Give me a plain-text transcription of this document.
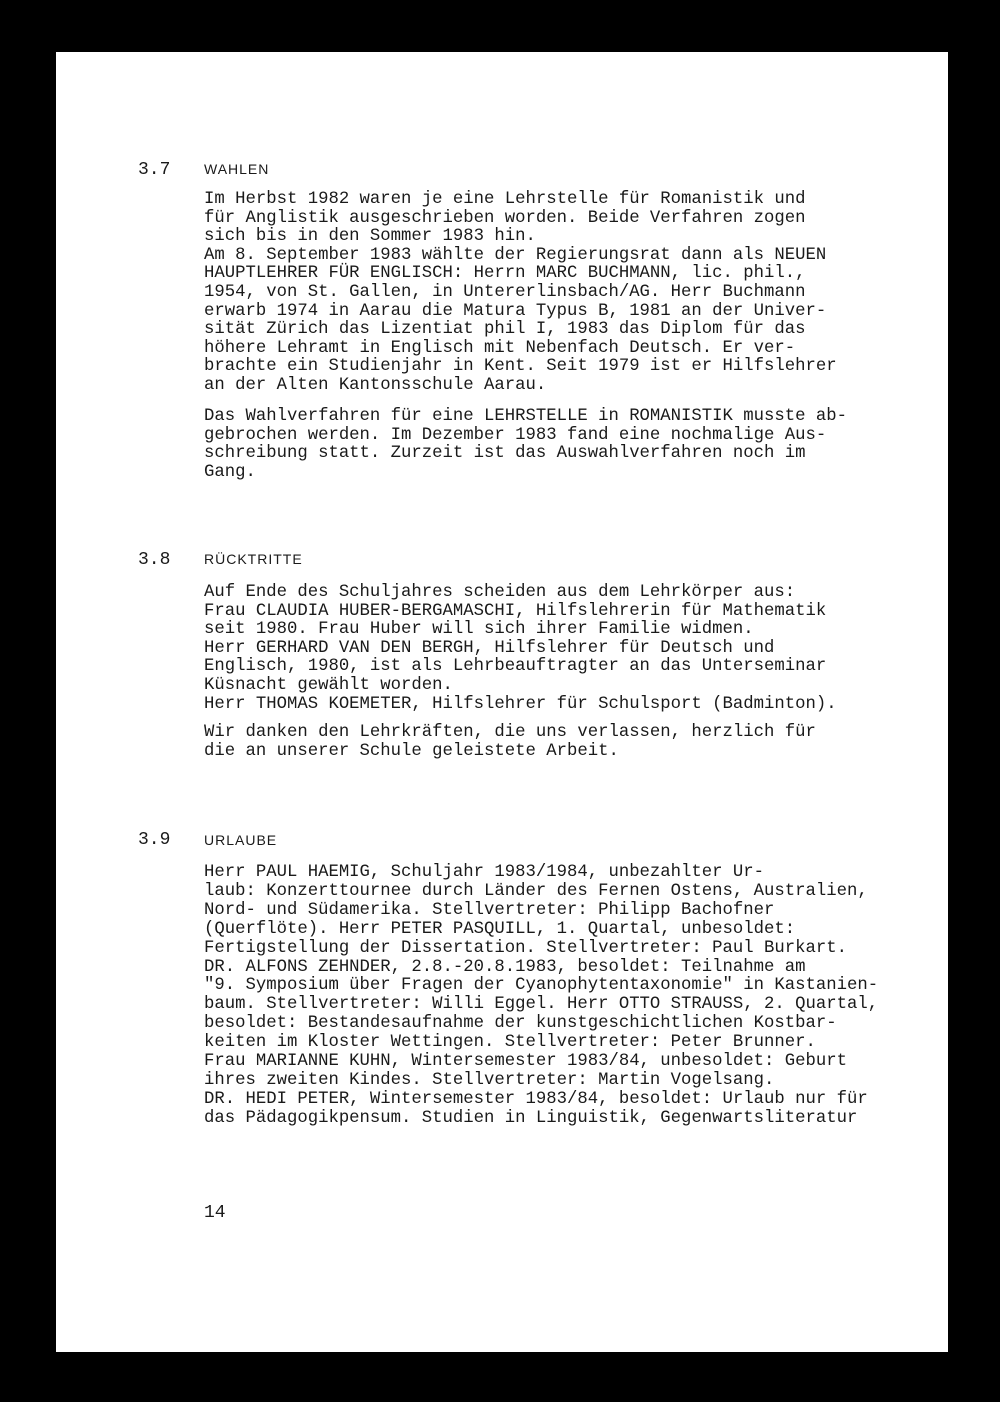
3.7 WAHLEN
Im Herbst 1982 waren je eine Lehrstelle für Romanistik und
für Anglistik ausgeschrieben worden. Beide Verfahren zogen
sich bis in den Sommer 1983 hin.
Am 8. September 1983 wählte der Regierungsrat dann als NEUEN
HAUPTLEHRER FÜR ENGLISCH: Herrn MARC BUCHMANN, lic. phil.,
1954, von St. Gallen, in Untererlinsbach/AG. Herr Buchmann
erwarb 1974 in Aarau die Matura Typus B, 1981 an der Univer-
sität Zürich das Lizentiat phil I, 1983 das Diplom für das
höhere Lehramt in Englisch mit Nebenfach Deutsch. Er ver-
brachte ein Studienjahr in Kent. Seit 1979 ist er Hilfslehrer
an der Alten Kantonsschule Aarau.
Das Wahlverfahren für eine LEHRSTELLE in ROMANISTIK musste ab-
gebrochen werden. Im Dezember 1983 fand eine nochmalige Aus-
schreibung statt. Zurzeit ist das Auswahlverfahren noch im
Gang.
3.8 RÜCKTRITTE
Auf Ende des Schuljahres scheiden aus dem Lehrkörper aus:
Frau CLAUDIA HUBER-BERGAMASCHI, Hilfslehrerin für Mathematik
seit 1980. Frau Huber will sich ihrer Familie widmen.
Herr GERHARD VAN DEN BERGH, Hilfslehrer für Deutsch und
Englisch, 1980, ist als Lehrbeauftragter an das Unterseminar
Küsnacht gewählt worden.
Herr THOMAS KOEMETER, Hilfslehrer für Schulsport (Badminton).
Wir danken den Lehrkräften, die uns verlassen, herzlich für
die an unserer Schule geleistete Arbeit.
3.9 URLAUBE
Herr PAUL HAEMIG, Schuljahr 1983/1984, unbezahlter Ur-
laub: Konzerttournee durch Länder des Fernen Ostens, Australien,
Nord- und Südamerika. Stellvertreter: Philipp Bachofner
(Querflöte). Herr PETER PASQUILL, 1. Quartal, unbesoldet:
Fertigstellung der Dissertation. Stellvertreter: Paul Burkart.
DR. ALFONS ZEHNDER, 2.8.-20.8.1983, besoldet: Teilnahme am
"9. Symposium über Fragen der Cyanophytentaxonomie" in Kastanien-
baum. Stellvertreter: Willi Eggel. Herr OTTO STRAUSS, 2. Quartal,
besoldet: Bestandesaufnahme der kunstgeschichtlichen Kostbar-
keiten im Kloster Wettingen. Stellvertreter: Peter Brunner.
Frau MARIANNE KUHN, Wintersemester 1983/84, unbesoldet: Geburt
ihres zweiten Kindes. Stellvertreter: Martin Vogelsang.
DR. HEDI PETER, Wintersemester 1983/84, besoldet: Urlaub nur für
das Pädagogikpensum. Studien in Linguistik, Gegenwartsliteratur
14
